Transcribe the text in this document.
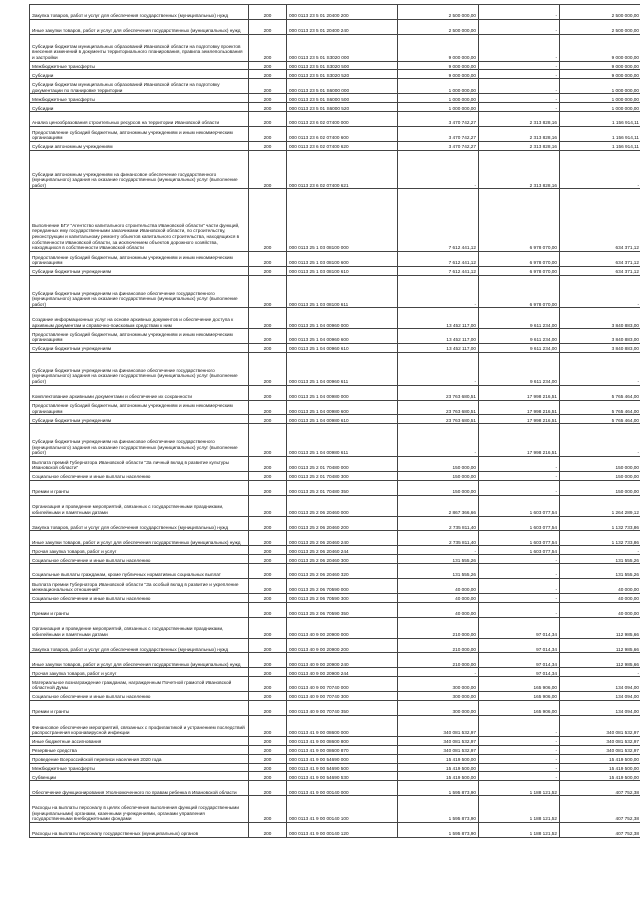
Закупка товаров, работ и услуг для обеспечения государственных (муниципальных) нужд	200	000 0113 23 5 01 20400 200	2 500 000,00	-	2 500 000,00
Иные закупки товаров, работ и услуг для обеспечения государственных (муниципальных) нужд	200	000 0113 23 5 01 20400 240	2 500 000,00	-	2 500 000,00
Субсидии бюджетам муниципальных образований Ивановской области на подготовку проектов внесения изменений в документы территориального планирования, правила землепользования и застройки	200	000 0113 23 5 01 S3020 000	9 000 000,00	-	9 000 000,00
Межбюджетные трансферты	200	000 0113 23 5 01 S3020 500	9 000 000,00	-	9 000 000,00
Субсидии	200	000 0113 23 5 01 S3020 520	9 000 000,00	-	9 000 000,00
Субсидии бюджетам муниципальных образований Ивановской области на подготовку документации по планировке территории	200	000 0113 23 5 01 S6000 000	1 000 000,00	-	1 000 000,00
Межбюджетные трансферты	200	000 0113 23 5 01 S6000 500	1 000 000,00	-	1 000 000,00
Субсидии	200	000 0113 23 5 01 S6000 520	1 000 000,00	-	1 000 000,00
Анализ ценообразования строительных ресурсов на территории Ивановской области	200	000 0113 23 6 02 07400 000	3 470 742,27	2 313 828,16	1 156 914,11
Предоставление субсидий бюджетным, автономным учреждениям и иным некоммерческим организациям	200	000 0113 23 6 02 07400 600	3 470 742,27	2 313 828,16	1 156 914,11
Субсидии автономным учреждениям	200	000 0113 23 6 02 07400 620	3 470 742,27	2 313 828,16	1 156 914,11
Субсидии автономным учреждениям на финансовое обеспечение государственного (муниципального) задания на оказание государственных (муниципальных) услуг (выполнение работ)	200	000 0113 23 6 02 07400 621	-	2 313 828,16	-
Выполнение БГУ "Агентство капитального строительства Ивановской области" части функций, переданных ему государственными заказчиками Ивановской области, по строительству, реконструкции и капитальному ремонту объектов капитального строительства, находящихся в собственности Ивановской области, за исключением объектов дорожного хозяйства, находящихся в собственности Ивановской области	200	000 0113 25 1 03 08100 000	7 612 441,12	6 978 070,00	634 371,12
Предоставление субсидий бюджетным, автономным учреждениям и иным некоммерческим организациям	200	000 0113 25 1 03 08100 600	7 612 441,12	6 978 070,00	634 371,12
Субсидии бюджетным учреждениям	200	000 0113 25 1 03 08100 610	7 612 441,12	6 978 070,00	634 371,12
Субсидии бюджетным учреждениям на финансовое обеспечение государственного (муниципального) задания на оказание государственных (муниципальных) услуг (выполнение работ)	200	000 0113 25 1 03 08100 611	-	6 978 070,00	-
Создание информационных услуг на основе архивных документов и обеспечение доступа к архивным документам и справочно-поисковым средствам к ним	200	000 0113 25 1 04 00960 000	13 452 117,00	9 611 234,00	3 840 883,00
Предоставление субсидий бюджетным, автономным учреждениям и иным некоммерческим организациям	200	000 0113 25 1 04 00960 600	13 452 117,00	9 611 234,00	3 840 883,00
Субсидии бюджетным учреждениям	200	000 0113 25 1 04 00960 610	13 452 117,00	9 611 234,00	3 840 883,00
Субсидии бюджетным учреждениям на финансовое обеспечение государственного (муниципального) задания на оказание государственных (муниципальных) услуг (выполнение работ)	200	000 0113 25 1 04 00960 611	-	9 611 234,00	-
Комплектование архивными документами и обеспечение их сохранности	200	000 0113 25 1 04 00980 000	23 763 680,51	17 998 216,51	5 765 464,00
Предоставление субсидий бюджетным, автономным учреждениям и иным некоммерческим организациям	200	000 0113 25 1 04 00980 600	23 763 680,51	17 998 216,51	5 765 464,00
Субсидии бюджетным учреждениям	200	000 0113 25 1 04 00980 610	23 763 680,51	17 998 216,51	5 765 464,00
Субсидии бюджетным учреждениям на финансовое обеспечение государственного (муниципального) задания на оказание государственных (муниципальных) услуг (выполнение работ)	200	000 0113 25 1 04 00980 611	-	17 998 216,51	-
Выплата премий Губернатора Ивановской области "За личный вклад в развитие культуры Ивановской области"	200	000 0113 25 2 01 70480 000	150 000,00	-	150 000,00
Социальное обеспечение и иные выплаты населению	200	000 0113 25 2 01 70480 300	150 000,00	-	150 000,00
Премии и гранты	200	000 0113 25 2 01 70480 350	150 000,00	-	150 000,00
Организация и проведение мероприятий, связанных с государственными праздниками, юбилейными и памятными датами	200	000 0113 25 2 06 20460 000	2 867 366,66	1 603 077,54	1 264 289,12
Закупка товаров, работ и услуг для обеспечения государственных (муниципальных) нужд	200	000 0113 25 2 06 20460 200	2 735 811,40	1 603 077,54	1 132 733,86
Иные закупки товаров, работ и услуг для обеспечения государственных (муниципальных) нужд	200	000 0113 25 2 06 20460 240	2 735 811,40	1 603 077,54	1 132 733,86
Прочая закупка товаров, работ и услуг	200	000 0113 25 2 06 20460 244	-	1 603 077,54	-
Социальное обеспечение и иные выплаты населению	200	000 0113 25 2 06 20460 300	131 555,26	-	131 555,26
Социальные выплаты гражданам, кроме публичных нормативных социальных выплат	200	000 0113 25 2 06 20460 320	131 555,26	-	131 555,26
Выплата премии Губернатора Ивановской области "За особый вклад в развитие и укрепление межнациональных отношений"	200	000 0113 25 2 06 70590 000	40 000,00	-	40 000,00
Социальное обеспечение и иные выплаты населению	200	000 0113 25 2 06 70590 300	40 000,00	-	40 000,00
Премии и гранты	200	000 0113 25 2 06 70590 350	40 000,00	-	40 000,00
Организация и проведение мероприятий, связанных с государственными праздниками, юбилейными и памятными датами	200	000 0113 40 9 00 20900 000	210 000,00	97 014,34	112 985,66
Закупка товаров, работ и услуг для обеспечения государственных (муниципальных) нужд	200	000 0113 40 9 00 20900 200	210 000,00	97 014,34	112 985,66
Иные закупки товаров, работ и услуг для обеспечения государственных (муниципальных) нужд	200	000 0113 40 9 00 20900 240	210 000,00	97 014,34	112 985,66
Прочая закупка товаров, работ и услуг	200	000 0113 40 9 00 20900 244	-	97 014,34	-
Материальное вознаграждение гражданам, награжденным Почетной грамотой Ивановской областной Думы	200	000 0113 40 9 00 70740 000	300 000,00	165 906,00	134 094,00
Социальное обеспечение и иные выплаты населению	200	000 0113 40 9 00 70740 300	300 000,00	165 906,00	134 094,00
Премии и гранты	200	000 0113 40 9 00 70740 350	300 000,00	165 906,00	134 094,00
Финансовое обеспечение мероприятий, связанных с профилактикой и устранением последствий распространения коронавирусной инфекции	200	000 0113 41 9 00 08600 000	340 081 532,97	-	340 081 532,97
Иные бюджетные ассигнования	200	000 0113 41 9 00 08600 800	340 081 532,97	-	340 081 532,97
Резервные средства	200	000 0113 41 9 00 08600 870	340 081 532,97	-	340 081 532,97
Проведение Всероссийской переписи населения 2020 года	200	000 0113 41 9 00 54690 000	15 419 500,00	-	15 419 500,00
Межбюджетные трансферты	200	000 0113 41 9 00 54690 500	15 419 500,00	-	15 419 500,00
Субвенции	200	000 0113 41 9 00 54690 530	15 419 500,00	-	15 419 500,00
Обеспечение функционирования Уполномоченного по правам ребенка в Ивановской области	200	000 0113 41 9 00 00140 000	1 595 873,90	1 188 121,52	407 752,38
Расходы на выплаты персоналу в целях обеспечения выполнения функций государственными (муниципальными) органами, казенными учреждениями, органами управления государственными внебюджетными фондами	200	000 0113 41 9 00 00140 100	1 595 873,90	1 188 121,52	407 752,38
Расходы на выплаты персоналу государственных (муниципальных) органов	200	000 0113 41 9 00 00140 120	1 595 873,90	1 188 121,52	407 752,38
